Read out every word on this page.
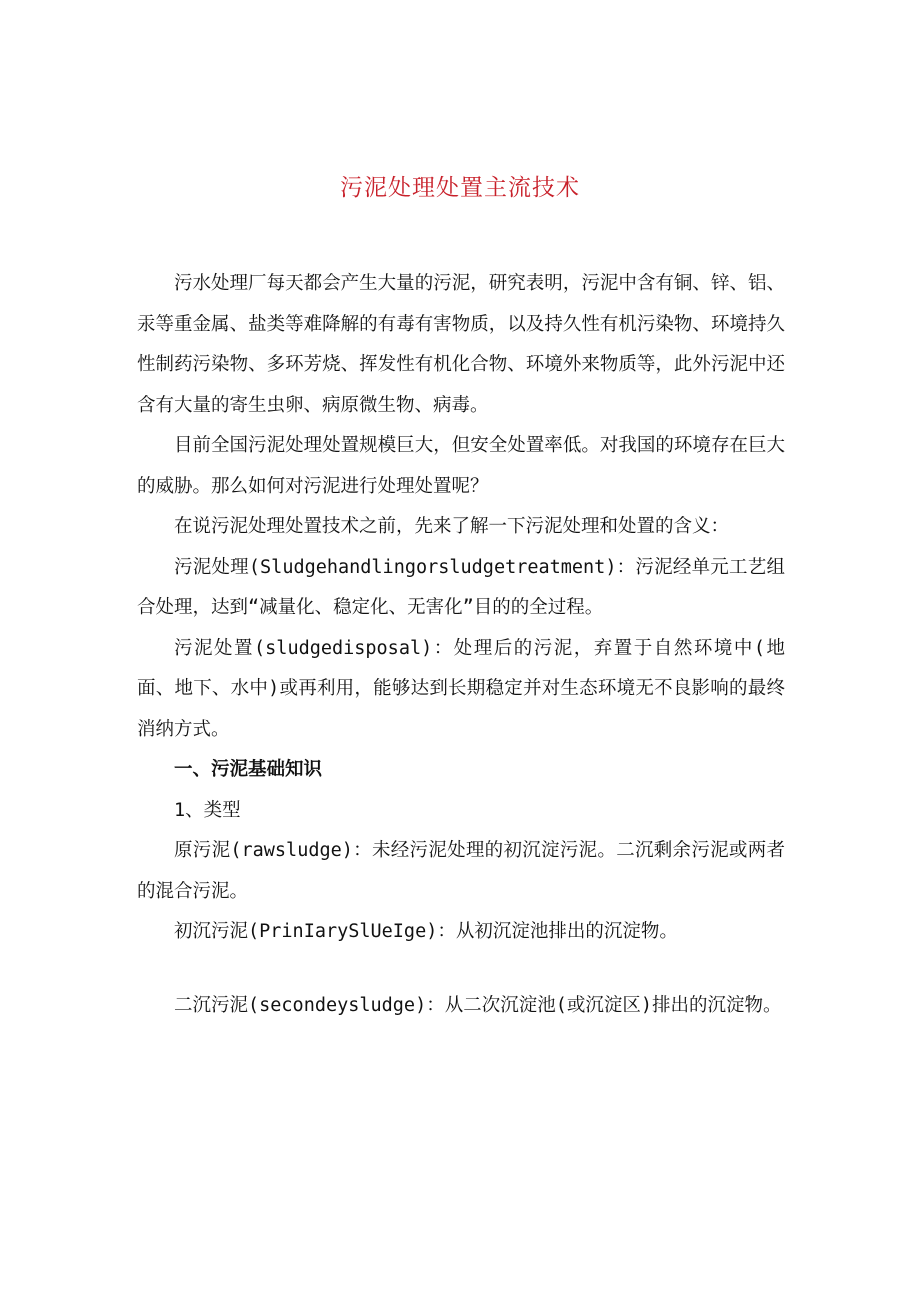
污泥处理处置主流技术

污水处理厂每天都会产生大量的污泥，研究表明，污泥中含有铜、锌、铝、汞等重金属、盐类等难降解的有毒有害物质，以及持久性有机污染物、环境持久性制药污染物、多环芳烧、挥发性有机化合物、环境外来物质等，此外污泥中还含有大量的寄生虫卵、病原微生物、病毒。

目前全国污泥处理处置规模巨大，但安全处置率低。对我国的环境存在巨大的威胁。那么如何对污泥进行处理处置呢？

在说污泥处理处置技术之前，先来了解一下污泥处理和处置的含义：

污泥处理(Sludgehandlingorsludgetreatment)：污泥经单元工艺组合处理，达到“减量化、稳定化、无害化”目的的全过程。

污泥处置(sludgedisposal)：处理后的污泥，弃置于自然环境中(地面、地下、水中)或再利用，能够达到长期稳定并对生态环境无不良影响的最终消纳方式。

一、污泥基础知识

1、类型

原污泥(rawsludge)：未经污泥处理的初沉淀污泥。二沉剩余污泥或两者的混合污泥。

初沉污泥(PrinIarySlUeIge)：从初沉淀池排出的沉淀物。

二沉污泥(secondeysludge)：从二次沉淀池(或沉淀区)排出的沉淀物。
